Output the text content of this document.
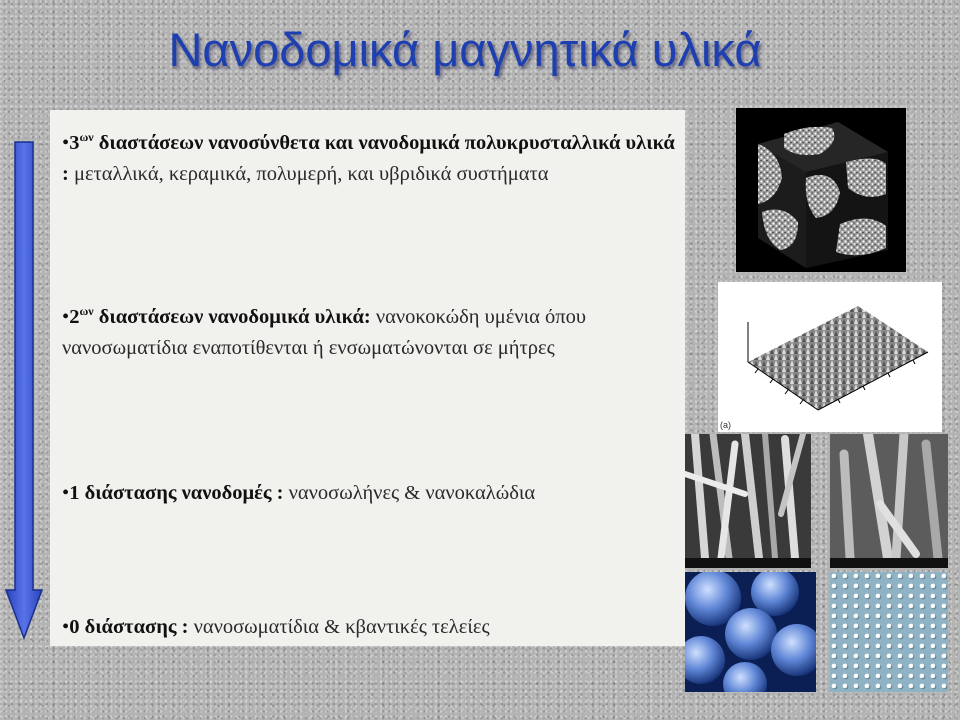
Νανοδομικά μαγνητικά υλικά
$•3^{\omega\nu}$ διαστάσεων νανοσύνθετα και νανοδομικά πολυκρυσταλλικά υλικά : μεταλλικά, κεραμικά, πολυμερή, και υβριδικά συστήματα
$•2^{\omega\nu}$ διαστάσεων νανοδομικά υλικά: νανοκοκώδη υμένια όπου νανοσωματίδια εναποτίθενται ή ενσωματώνονται σε μήτρες
•1 διάστασης νανοδομές : νανοσωλήνες & νανοκαλώδια
•0 διάστασης : νανοσωματίδια & κβαντικές τελείες
(a)
